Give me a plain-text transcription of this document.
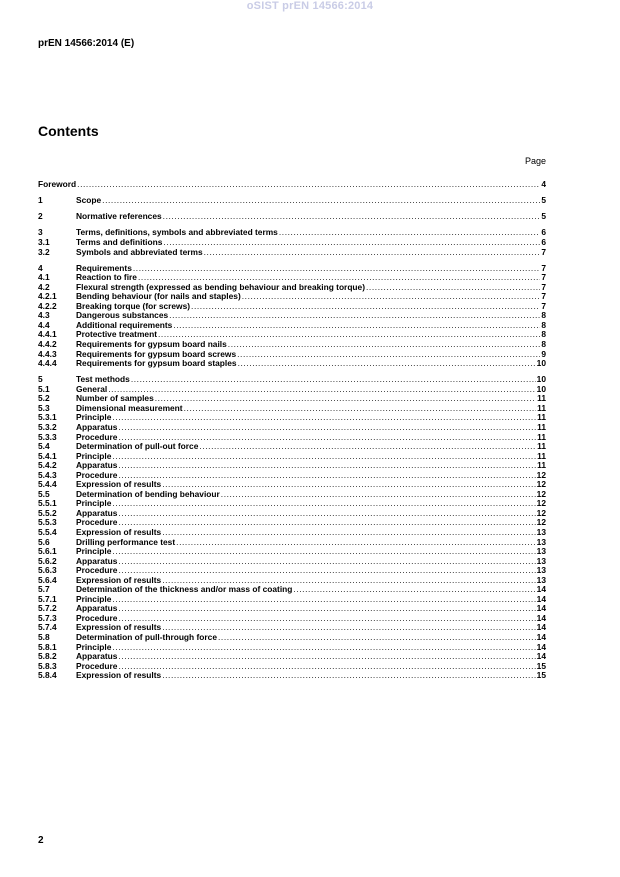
oSIST prEN 14566:2014
prEN 14566:2014 (E)
Contents
Page
Foreword .....	4
1	Scope .....	5
2	Normative references .....	5
3	Terms, definitions, symbols and abbreviated terms .....	6
3.1	Terms and definitions .....	6
3.2	Symbols and abbreviated terms .....	7
4	Requirements .....	7
4.1	Reaction to fire .....	7
4.2	Flexural strength (expressed as bending behaviour and breaking torque) .....	7
4.2.1	Bending behaviour (for nails and staples) .....	7
4.2.2	Breaking torque (for screws) .....	7
4.3	Dangerous substances .....	8
4.4	Additional requirements .....	8
4.4.1	Protective treatment .....	8
4.4.2	Requirements for gypsum board nails .....	8
4.4.3	Requirements for gypsum board screws .....	9
4.4.4	Requirements for gypsum board staples .....	10
5	Test methods .....	10
5.1	General .....	10
5.2	Number of samples .....	11
5.3	Dimensional measurement .....	11
5.3.1	Principle .....	11
5.3.2	Apparatus .....	11
5.3.3	Procedure .....	11
5.4	Determination of pull-out force .....	11
5.4.1	Principle .....	11
5.4.2	Apparatus .....	11
5.4.3	Procedure .....	12
5.4.4	Expression of results .....	12
5.5	Determination of bending behaviour .....	12
5.5.1	Principle .....	12
5.5.2	Apparatus .....	12
5.5.3	Procedure .....	12
5.5.4	Expression of results .....	13
5.6	Drilling performance test .....	13
5.6.1	Principle .....	13
5.6.2	Apparatus .....	13
5.6.3	Procedure .....	13
5.6.4	Expression of results .....	13
5.7	Determination of the thickness and/or mass of coating .....	14
5.7.1	Principle .....	14
5.7.2	Apparatus .....	14
5.7.3	Procedure .....	14
5.7.4	Expression of results .....	14
5.8	Determination of pull-through force .....	14
5.8.1	Principle .....	14
5.8.2	Apparatus .....	14
5.8.3	Procedure .....	15
5.8.4	Expression of results .....	15
2
